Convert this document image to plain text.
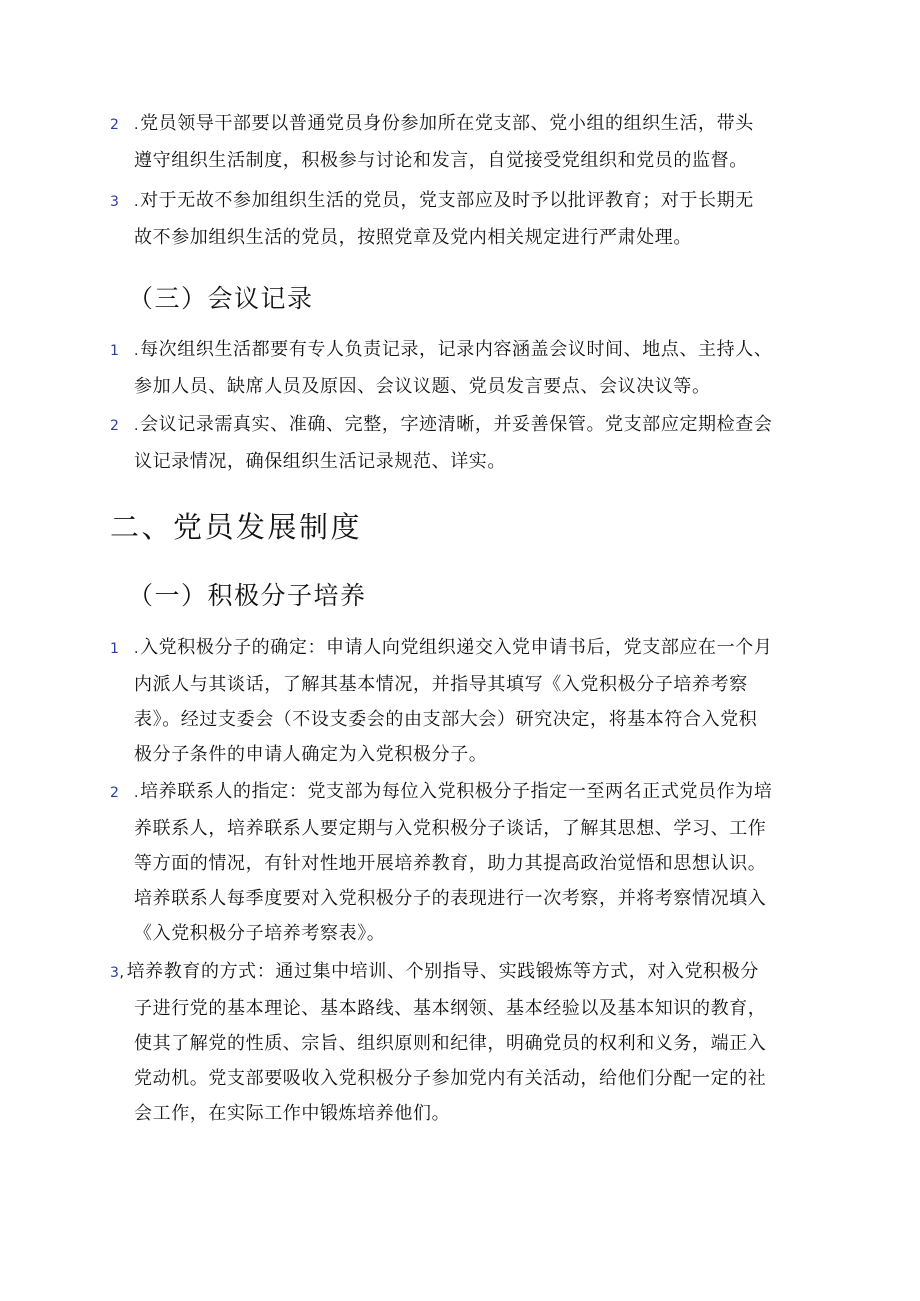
2 .党员领导干部要以普通党员身份参加所在党支部、党小组的组织生活，带头
遵守组织生活制度，积极参与讨论和发言，自觉接受党组织和党员的监督。
3 .对于无故不参加组织生活的党员，党支部应及时予以批评教育；对于长期无
故不参加组织生活的党员，按照党章及党内相关规定进行严肃处理。
（三）会议记录
1 .每次组织生活都要有专人负责记录，记录内容涵盖会议时间、地点、主持人、
参加人员、缺席人员及原因、会议议题、党员发言要点、会议决议等。
2 .会议记录需真实、准确、完整，字迹清晰，并妥善保管。党支部应定期检查会
议记录情况，确保组织生活记录规范、详实。
二、党员发展制度
（一）积极分子培养
1 .入党积极分子的确定：申请人向党组织递交入党申请书后，党支部应在一个月
内派人与其谈话，了解其基本情况，并指导其填写《入党积极分子培养考察
表》。经过支委会（不设支委会的由支部大会）研究决定，将基本符合入党积
极分子条件的申请人确定为入党积极分子。
2 .培养联系人的指定：党支部为每位入党积极分子指定一至两名正式党员作为培
养联系人，培养联系人要定期与入党积极分子谈话，了解其思想、学习、工作
等方面的情况，有针对性地开展培养教育，助力其提高政治觉悟和思想认识。
培养联系人每季度要对入党积极分子的表现进行一次考察，并将考察情况填入
《入党积极分子培养考察表》。
3, 培养教育的方式：通过集中培训、个别指导、实践锻炼等方式，对入党积极分
子进行党的基本理论、基本路线、基本纲领、基本经验以及基本知识的教育，
使其了解党的性质、宗旨、组织原则和纪律，明确党员的权利和义务，端正入
党动机。党支部要吸收入党积极分子参加党内有关活动，给他们分配一定的社
会工作，在实际工作中锻炼培养他们。
